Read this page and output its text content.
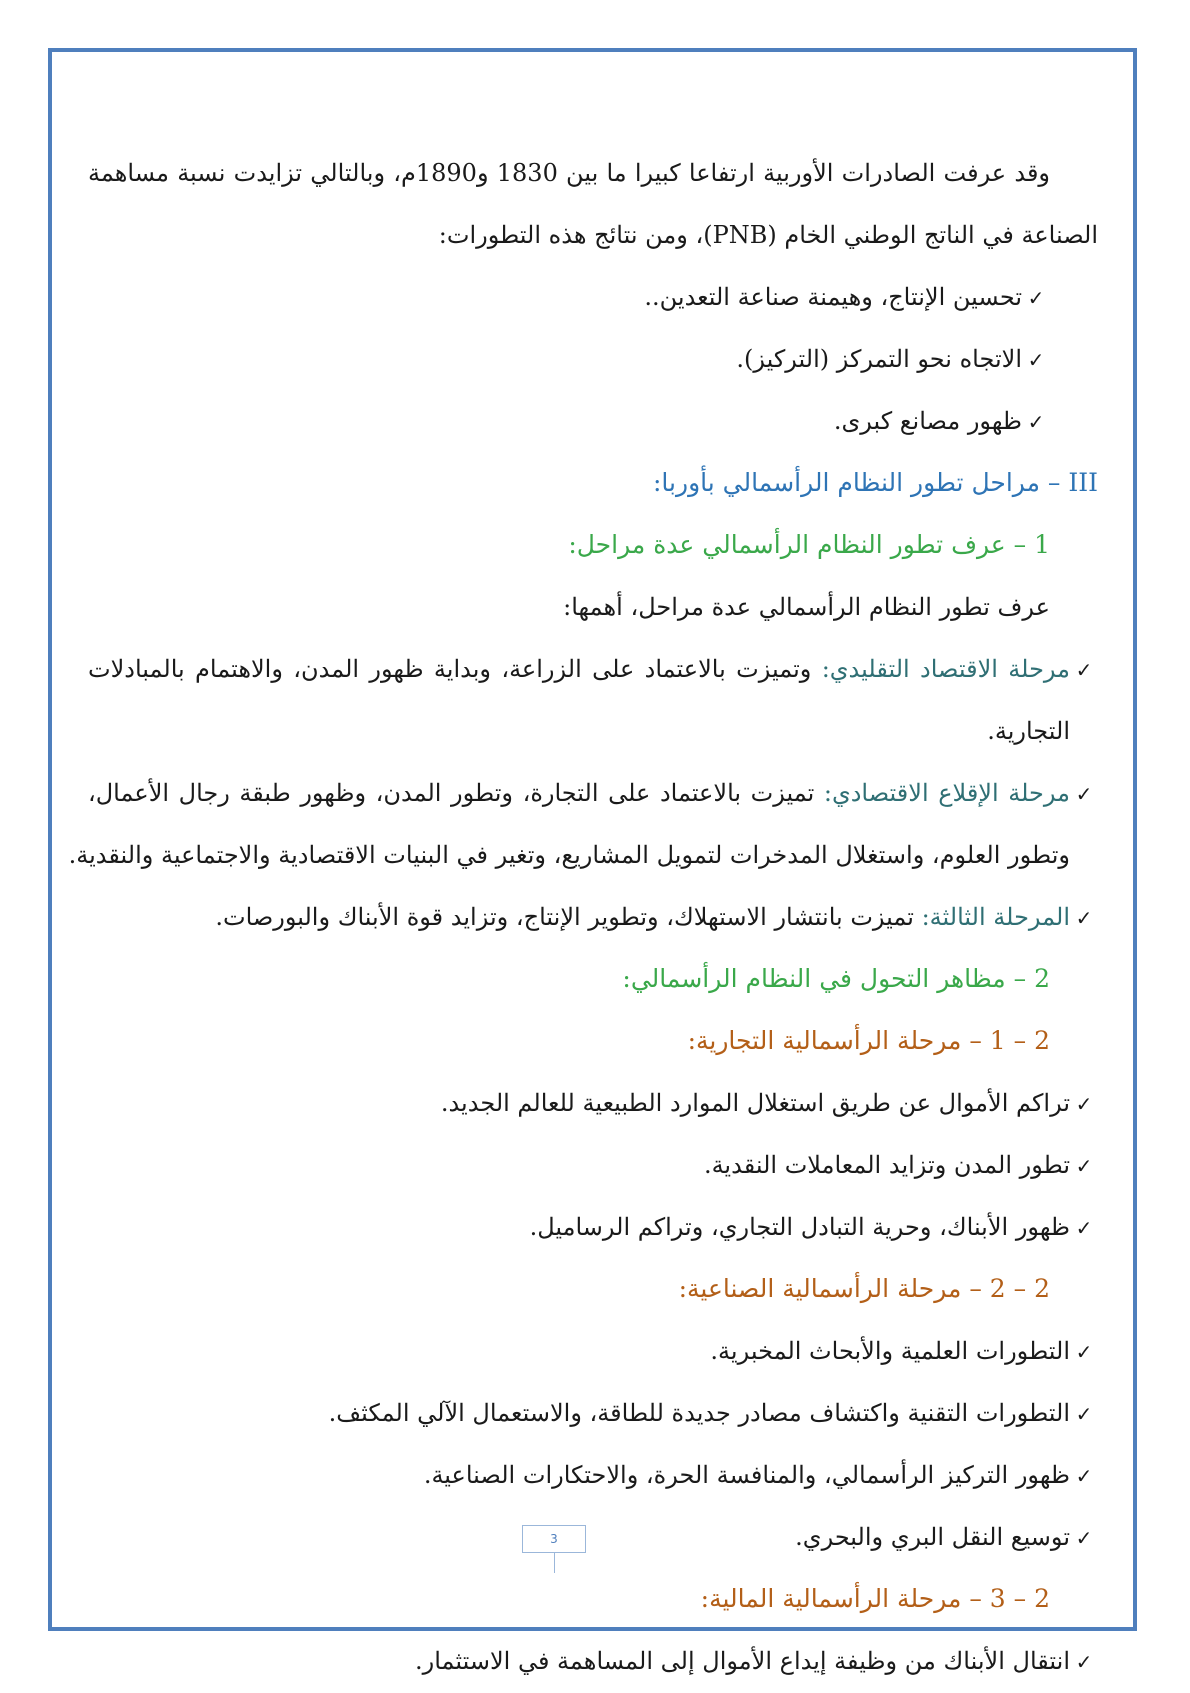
وقد عرفت الصادرات الأوربية ارتفاعا كبيرا ما بين 1830 و1890م، وبالتالي تزايدت نسبة مساهمة
الصناعة في الناتج الوطني الخام (PNB)، ومن نتائج هذه التطورات:
✓
تحسين الإنتاج، وهيمنة صناعة التعدين..
✓
الاتجاه نحو التمركز (التركيز).
✓
ظهور مصانع كبرى.
III – مراحل تطور النظام الرأسمالي بأوربا:
1 – عرف تطور النظام الرأسمالي عدة مراحل:
عرف تطور النظام الرأسمالي عدة مراحل، أهمها:
✓
مرحلة الاقتصاد التقليدي: وتميزت بالاعتماد على الزراعة، وبداية ظهور المدن، والاهتمام بالمبادلات
التجارية.
✓
مرحلة الإقلاع الاقتصادي: تميزت بالاعتماد على التجارة، وتطور المدن، وظهور طبقة رجال الأعمال،
وتطور العلوم، واستغلال المدخرات لتمويل المشاريع، وتغير في البنيات الاقتصادية والاجتماعية والنقدية.
✓
المرحلة الثالثة: تميزت بانتشار الاستهلاك، وتطوير الإنتاج، وتزايد قوة الأبناك والبورصات.
2 – مظاهر التحول في النظام الرأسمالي:
2 – 1 – مرحلة الرأسمالية التجارية:
✓
تراكم الأموال عن طريق استغلال الموارد الطبيعية للعالم الجديد.
✓
تطور المدن وتزايد المعاملات النقدية.
✓
ظهور الأبناك، وحرية التبادل التجاري، وتراكم الرساميل.
2 – 2 – مرحلة الرأسمالية الصناعية:
✓
التطورات العلمية والأبحاث المخبرية.
✓
التطورات التقنية واكتشاف مصادر جديدة للطاقة، والاستعمال الآلي المكثف.
✓
ظهور التركيز الرأسمالي، والمنافسة الحرة، والاحتكارات الصناعية.
✓
توسيع النقل البري والبحري.
2 – 3 – مرحلة الرأسمالية المالية:
✓
انتقال الأبناك من وظيفة إيداع الأموال إلى المساهمة في الاستثمار.
3
